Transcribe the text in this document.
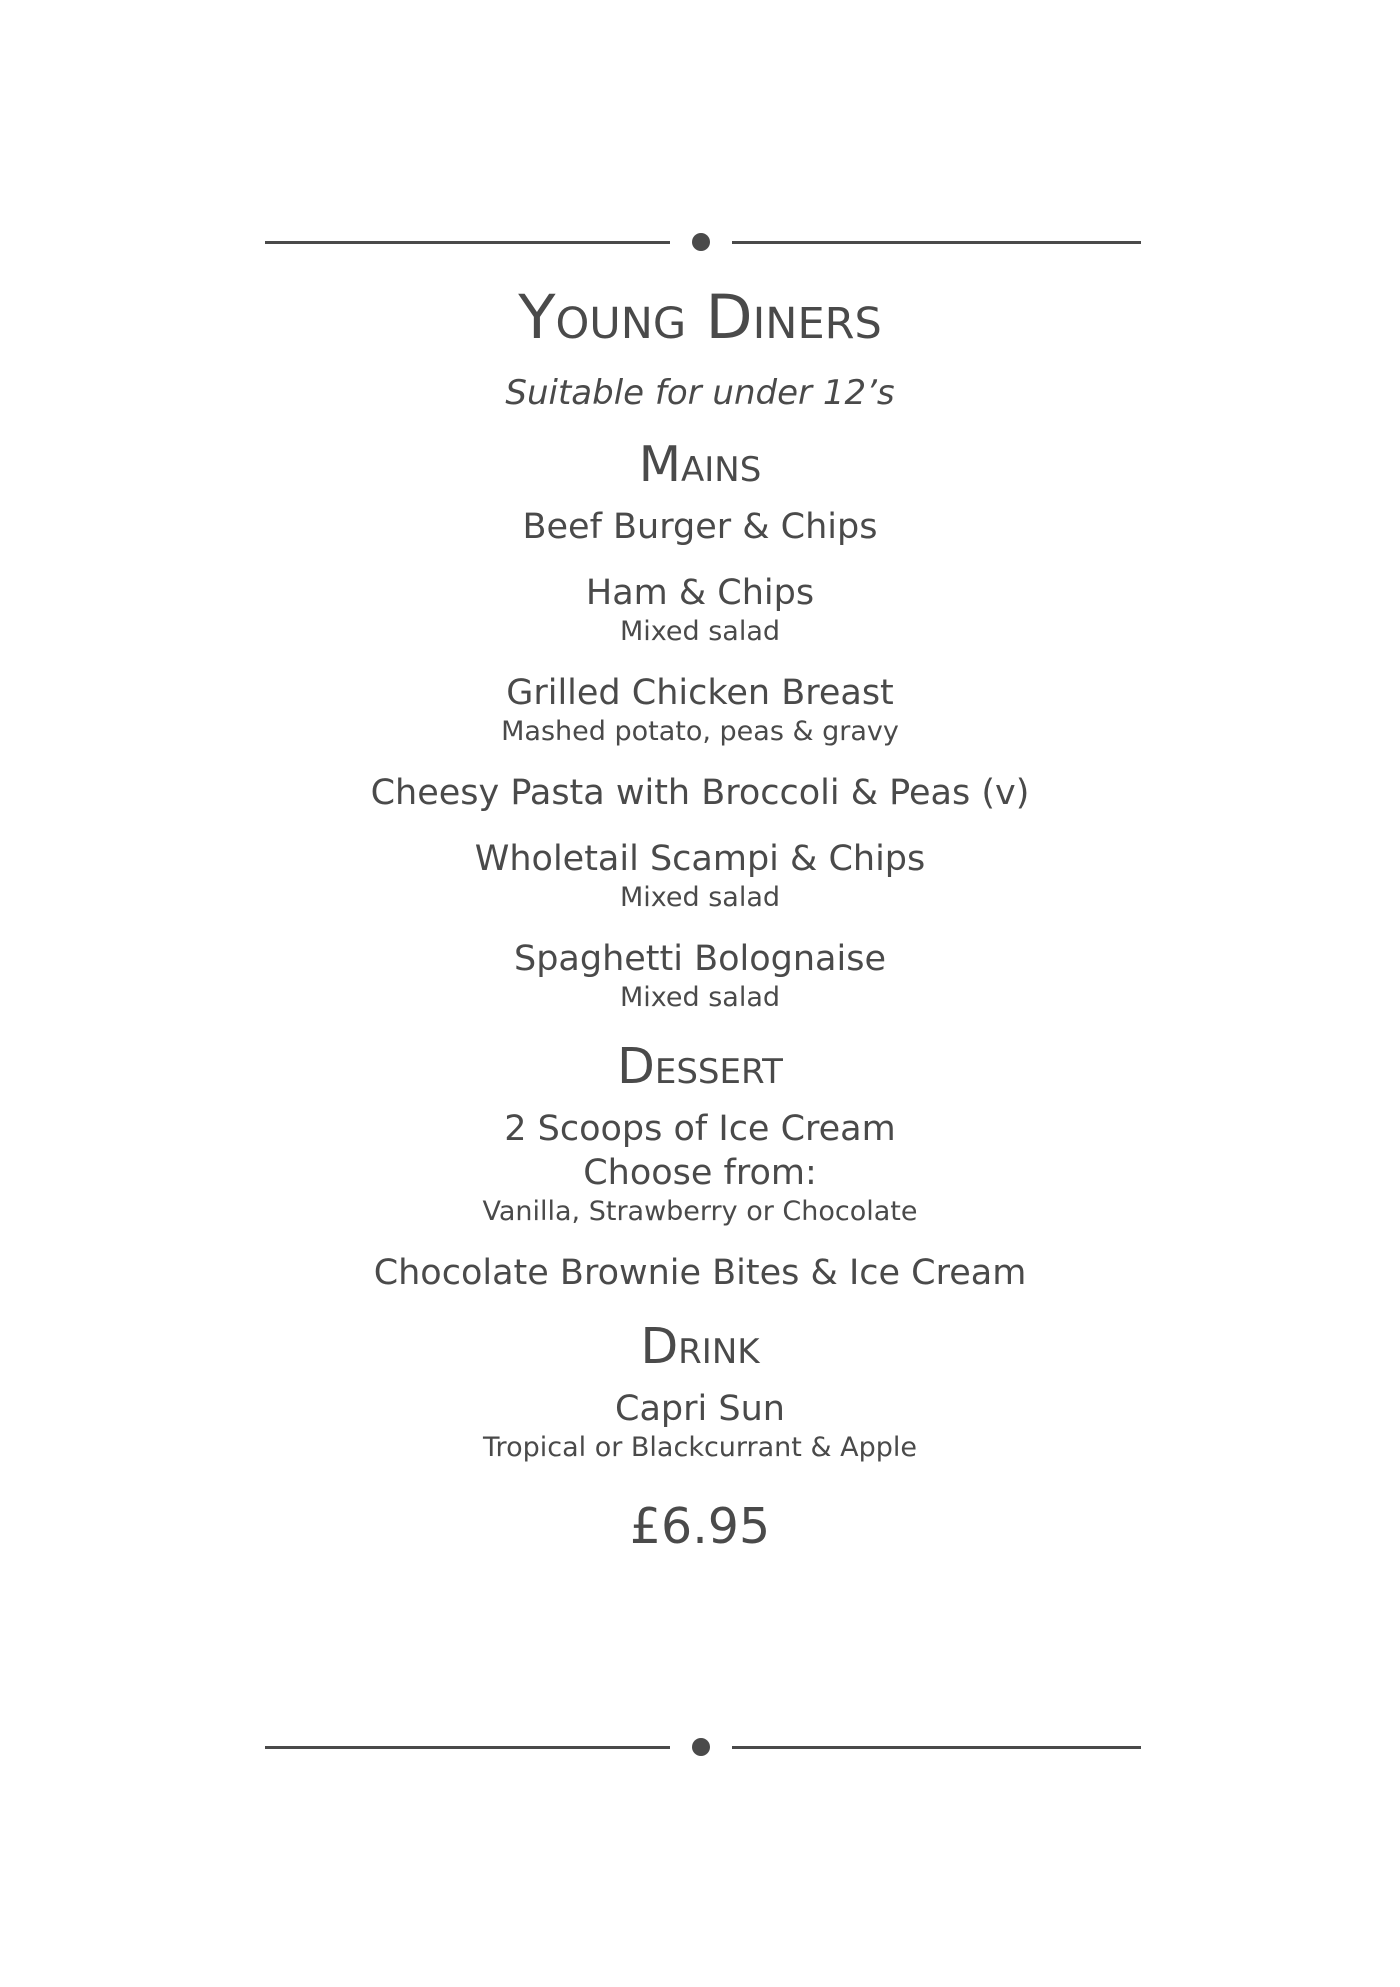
Young Diners
Suitable for under 12’s
Mains
Beef Burger & Chips
Ham & Chips
Mixed salad
Grilled Chicken Breast
Mashed potato, peas & gravy
Cheesy Pasta with Broccoli & Peas (v)
Wholetail Scampi & Chips
Mixed salad
Spaghetti Bolognaise
Mixed salad
Dessert
2 Scoops of Ice Cream
Choose from:
Vanilla, Strawberry or Chocolate
Chocolate Brownie Bites & Ice Cream
Drink
Capri Sun
Tropical or Blackcurrant & Apple
£6.95
